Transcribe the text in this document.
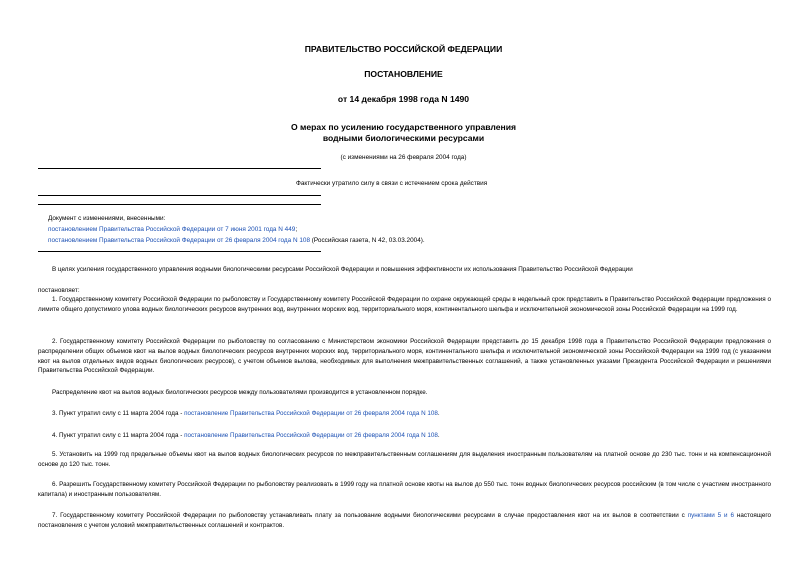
ПРАВИТЕЛЬСТВО РОССИЙСКОЙ ФЕДЕРАЦИИ
ПОСТАНОВЛЕНИЕ
от 14 декабря 1998 года N 1490
О мерах по усилению государственного управления
водными биологическими ресурсами
(с изменениями на 26 февраля 2004 года)
Фактически утратило силу в связи с истечением срока действия
Документ с изменениями, внесенными:
постановлением Правительства Российской Федерации от 7 июня 2001 года N 449;
постановлением Правительства Российской Федерации от 26 февраля 2004 года N 108 (Российская газета, N 42, 03.03.2004).
В целях усиления государственного управления водными биологическими ресурсами Российской Федерации и повышения эффективности их использования Правительство Российской Федерации
постановляет:
1. Государственному комитету Российской Федерации по рыболовству и Государственному комитету Российской Федерации по охране окружающей среды в недельный срок представить в Правительство Российской Федерации предложения о лимите общего допустимого улова водных биологических ресурсов внутренних вод, внутренних морских вод, территориального моря, континентального шельфа и исключительной экономической зоны Российской Федерации на 1999 год.
2. Государственному комитету Российской Федерации по рыболовству по согласованию с Министерством экономики Российской Федерации представить до 15 декабря 1998 года в Правительство Российской Федерации предложения о распределении общих объемов квот на вылов водных биологических ресурсов внутренних морских вод, территориального моря, континентального шельфа и исключительной экономической зоны Российской Федерации на 1999 год (с указанием квот на вылов отдельных видов водных биологических ресурсов), с учетом объемов вылова, необходимых для выполнения межправительственных соглашений, а также установленных указами Президента Российской Федерации и решениями Правительства Российской Федерации.
Распределение квот на вылов водных биологических ресурсов между пользователями производится в установленном порядке.
3. Пункт утратил силу с 11 марта 2004 года - постановление Правительства Российской Федерации от 26 февраля 2004 года N 108.
4. Пункт утратил силу с 11 марта 2004 года - постановление Правительства Российской Федерации от 26 февраля 2004 года N 108.
5. Установить на 1999 год предельные объемы квот на вылов водных биологических ресурсов по межправительственным соглашениям для выделения иностранным пользователям на платной основе до 230 тыс. тонн и на компенсационной основе до 120 тыс. тонн.
6. Разрешить Государственному комитету Российской Федерации по рыболовству реализовать в 1999 году на платной основе квоты на вылов до 550 тыс. тонн водных биологических ресурсов российским (в том числе с участием иностранного капитала) и иностранным пользователям.
7. Государственному комитету Российской Федерации по рыболовству устанавливать плату за пользование водными биологическими ресурсами в случае предоставления квот на их вылов в соответствии с пунктами 5 и 6 настоящего постановления с учетом условий межправительственных соглашений и контрактов.
